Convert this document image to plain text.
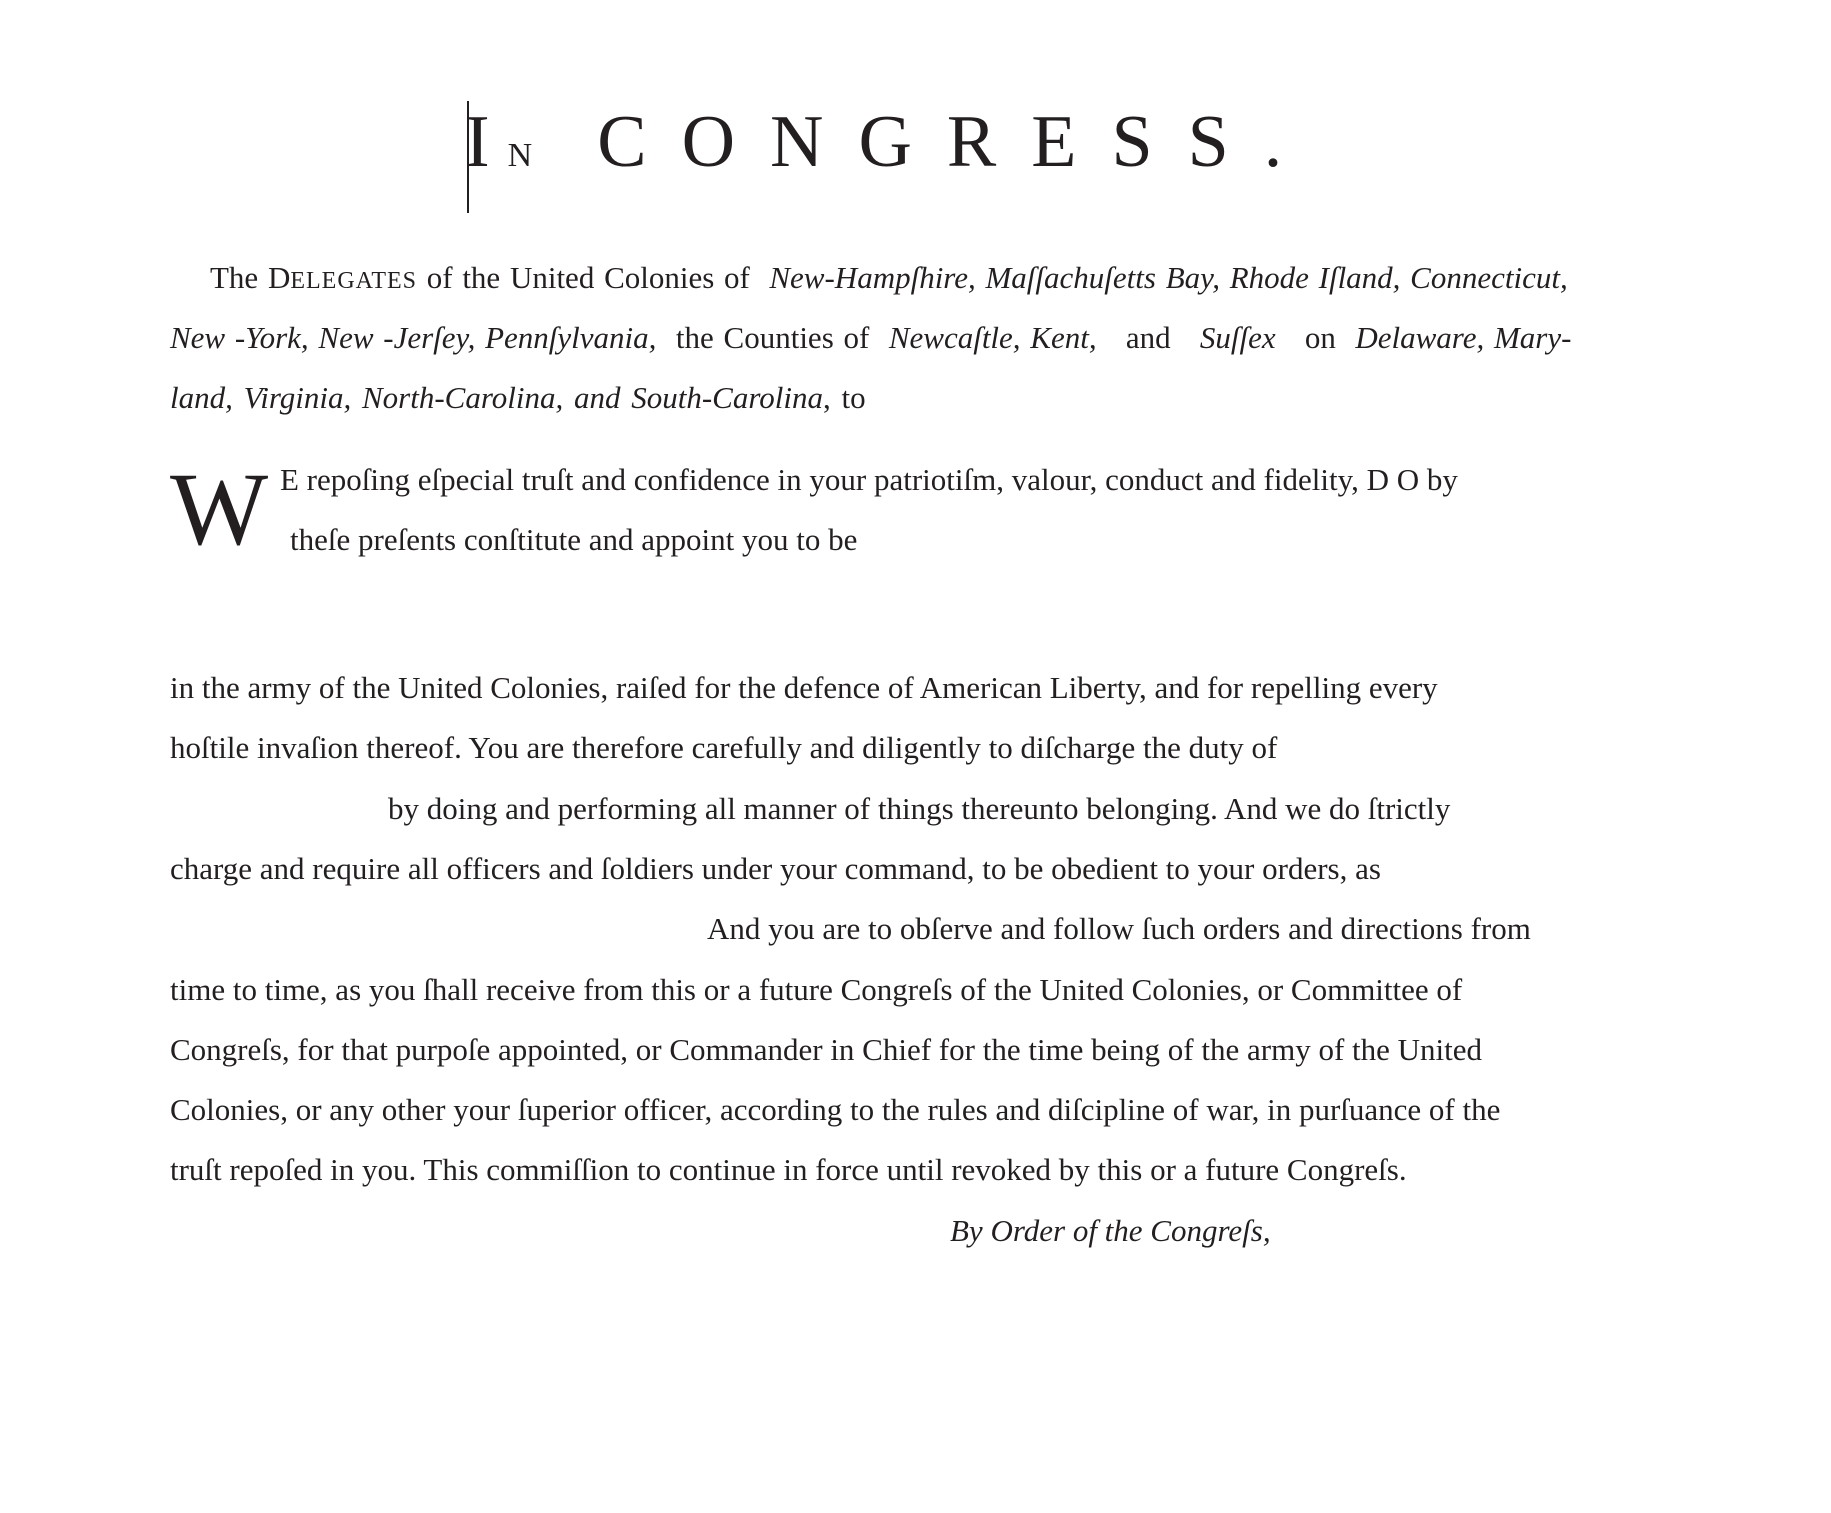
IN CONGRESS.

The DELEGATES of the United Colonies of New-Hampſhire, Maſſachuſetts Bay, Rhode Iſland, Connecticut,

New -York, New -Jerſey, Pennſylvania, the Counties of Newcaſtle, Kent, and Suſſex on Delaware, Mary-

land, Virginia, North-Carolina, and South-Carolina, to

W E repoſing eſpecial truſt and confidence in your patriotiſm, valour, conduct and fidelity, D O by

theſe preſents conſtitute and appoint you to be

in the army of the United Colonies, raiſed for the defence of American Liberty, and for repelling every

hoſtile invaſion thereof. You are therefore carefully and diligently to diſcharge the duty of

by doing and performing all manner of things thereunto belonging. And we do ſtrictly

charge and require all officers and ſoldiers under your command, to be obedient to your orders, as

And you are to obſerve and follow ſuch orders and directions from

time to time, as you ſhall receive from this or a future Congreſs of the United Colonies, or Committee of

Congreſs, for that purpoſe appointed, or Commander in Chief for the time being of the army of the United

Colonies, or any other your ſuperior officer, according to the rules and diſcipline of war, in purſuance of the

truſt repoſed in you. This commiſſion to continue in force until revoked by this or a future Congreſs.

By Order of the Congreſs,
